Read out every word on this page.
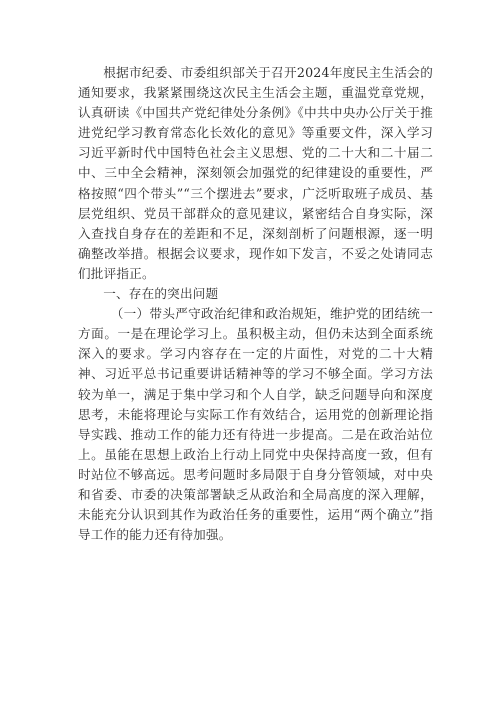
根据市纪委、市委组织部关于召开2024年度民主生活会的通知要求，我紧紧围绕这次民主生活会主题，重温党章党规，认真研读《中国共产党纪律处分条例》《中共中央办公厅关于推进党纪学习教育常态化长效化的意见》等重要文件，深入学习习近平新时代中国特色社会主义思想、党的二十大和二十届二中、三中全会精神，深刻领会加强党的纪律建设的重要性，严格按照“四个带头”“三个摆进去”要求，广泛听取班子成员、基层党组织、党员干部群众的意见建议，紧密结合自身实际，深入查找自身存在的差距和不足，深刻剖析了问题根源，逐一明确整改举措。根据会议要求，现作如下发言，不妥之处请同志们批评指正。

一、存在的突出问题

（一）带头严守政治纪律和政治规矩，维护党的团结统一方面。一是在理论学习上。虽积极主动，但仍未达到全面系统深入的要求。学习内容存在一定的片面性，对党的二十大精神、习近平总书记重要讲话精神等的学习不够全面。学习方法较为单一，满足于集中学习和个人自学，缺乏问题导向和深度思考，未能将理论与实际工作有效结合，运用党的创新理论指导实践、推动工作的能力还有待进一步提高。二是在政治站位上。虽能在思想上政治上行动上同党中央保持高度一致，但有时站位不够高远。思考问题时多局限于自身分管领域，对中央和省委、市委的决策部署缺乏从政治和全局高度的深入理解，未能充分认识到其作为政治任务的重要性，运用“两个确立”指导工作的能力还有待加强。
